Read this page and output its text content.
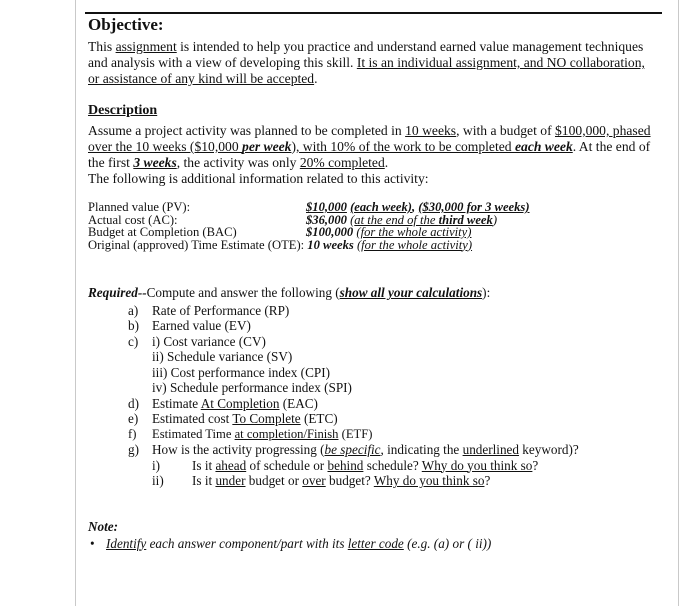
Objective:

This assignment is intended to help you practice and understand earned value management techniques and analysis with a view of developing this skill. It is an individual assignment, and NO collaboration, or assistance of any kind will be accepted.

Description

Assume a project activity was planned to be completed in 10 weeks, with a budget of $100,000, phased over the 10 weeks ($10,000 per week), with 10% of the work to be completed each week. At the end of the first 3 weeks, the activity was only 20% completed.
The following is additional information related to this activity:

Planned value (PV):	$10,000 (each week), ($30,000 for 3 weeks)
Actual cost (AC):	$36,000 (at the end of the third week)
Budget at Completion (BAC)	$100,000 (for the whole activity)
Original (approved) Time Estimate (OTE): 10 weeks (for the whole activity)

Required--Compute and answer the following (show all your calculations):

a) Rate of Performance (RP)
b) Earned value (EV)
c) i) Cost variance (CV)
ii) Schedule variance (SV)
iii) Cost performance index (CPI)
iv) Schedule performance index (SPI)
d) Estimate At Completion (EAC)
e) Estimated cost To Complete (ETC)
f) Estimated Time at completion/Finish (ETF)
g) How is the activity progressing (be specific, indicating the underlined keyword)?
i) Is it ahead of schedule or behind schedule? Why do you think so?
ii) Is it under budget or over budget? Why do you think so?
Note:
• Identify each answer component/part with its letter code (e.g. (a) or ( ii))
